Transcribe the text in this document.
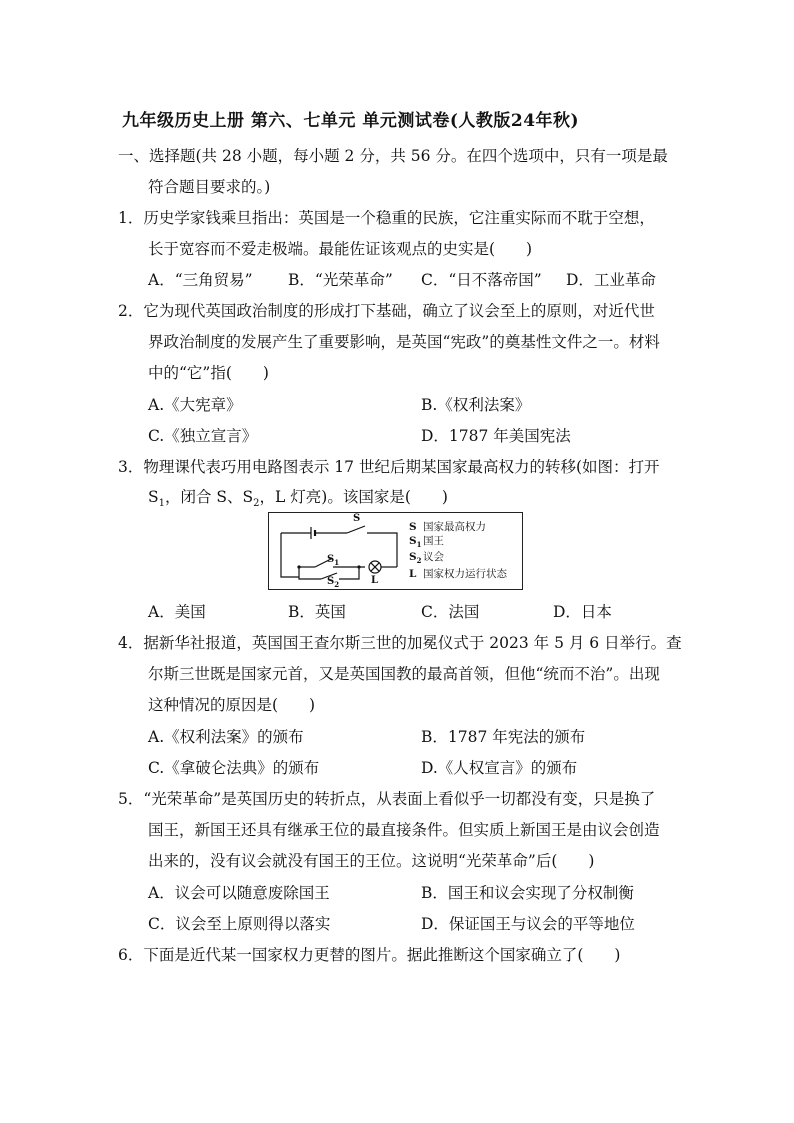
九年级历史上册 第六、七单元 单元测试卷(人教版24年秋)
一、选择题(共 28 小题，每小题 2 分，共 56 分。在四个选项中，只有一项是最
符合题目要求的。)
1．历史学家钱乘旦指出：英国是一个稳重的民族，它注重实际而不耽于空想，
长于宽容而不爱走极端。最能佐证该观点的史实是(　　)
A．“三角贸易” B．“光荣革命” C．“日不落帝国” D．工业革命
2．它为现代英国政治制度的形成打下基础，确立了议会至上的原则，对近代世
界政治制度的发展产生了重要影响，是英国“宪政”的奠基性文件之一。材料
中的“它”指(　　)
A.《大宪章》	B.《权利法案》
C.《独立宣言》	D．1787 年美国宪法
3．物理课代表巧用电路图表示 17 世纪后期某国家最高权力的转移(如图：打开
$S_1$，闭合 S、$S_2$，L 灯亮)。该国家是(　　)
S
$S_1$
$S_2$	L
S 国家最高权力
$S_1$ 国王
$S_2$ 议会
L 国家权力运行状态
A．美国	B．英国	C．法国	D．日本
4．据新华社报道，英国国王查尔斯三世的加冕仪式于 2023 年 5 月 6 日举行。查
尔斯三世既是国家元首，又是英国国教的最高首领，但他“统而不治”。出现
这种情况的原因是(　　)
A.《权利法案》的颁布	B．1787 年宪法的颁布
C.《拿破仑法典》的颁布	D.《人权宣言》的颁布
5．“光荣革命”是英国历史的转折点，从表面上看似乎一切都没有变，只是换了
国王，新国王还具有继承王位的最直接条件。但实质上新国王是由议会创造
出来的，没有议会就没有国王的王位。这说明“光荣革命”后(　　)
A．议会可以随意废除国王	B．国王和议会实现了分权制衡
C．议会至上原则得以落实	D．保证国王与议会的平等地位
6．下面是近代某一国家权力更替的图片。据此推断这个国家确立了(　　)
